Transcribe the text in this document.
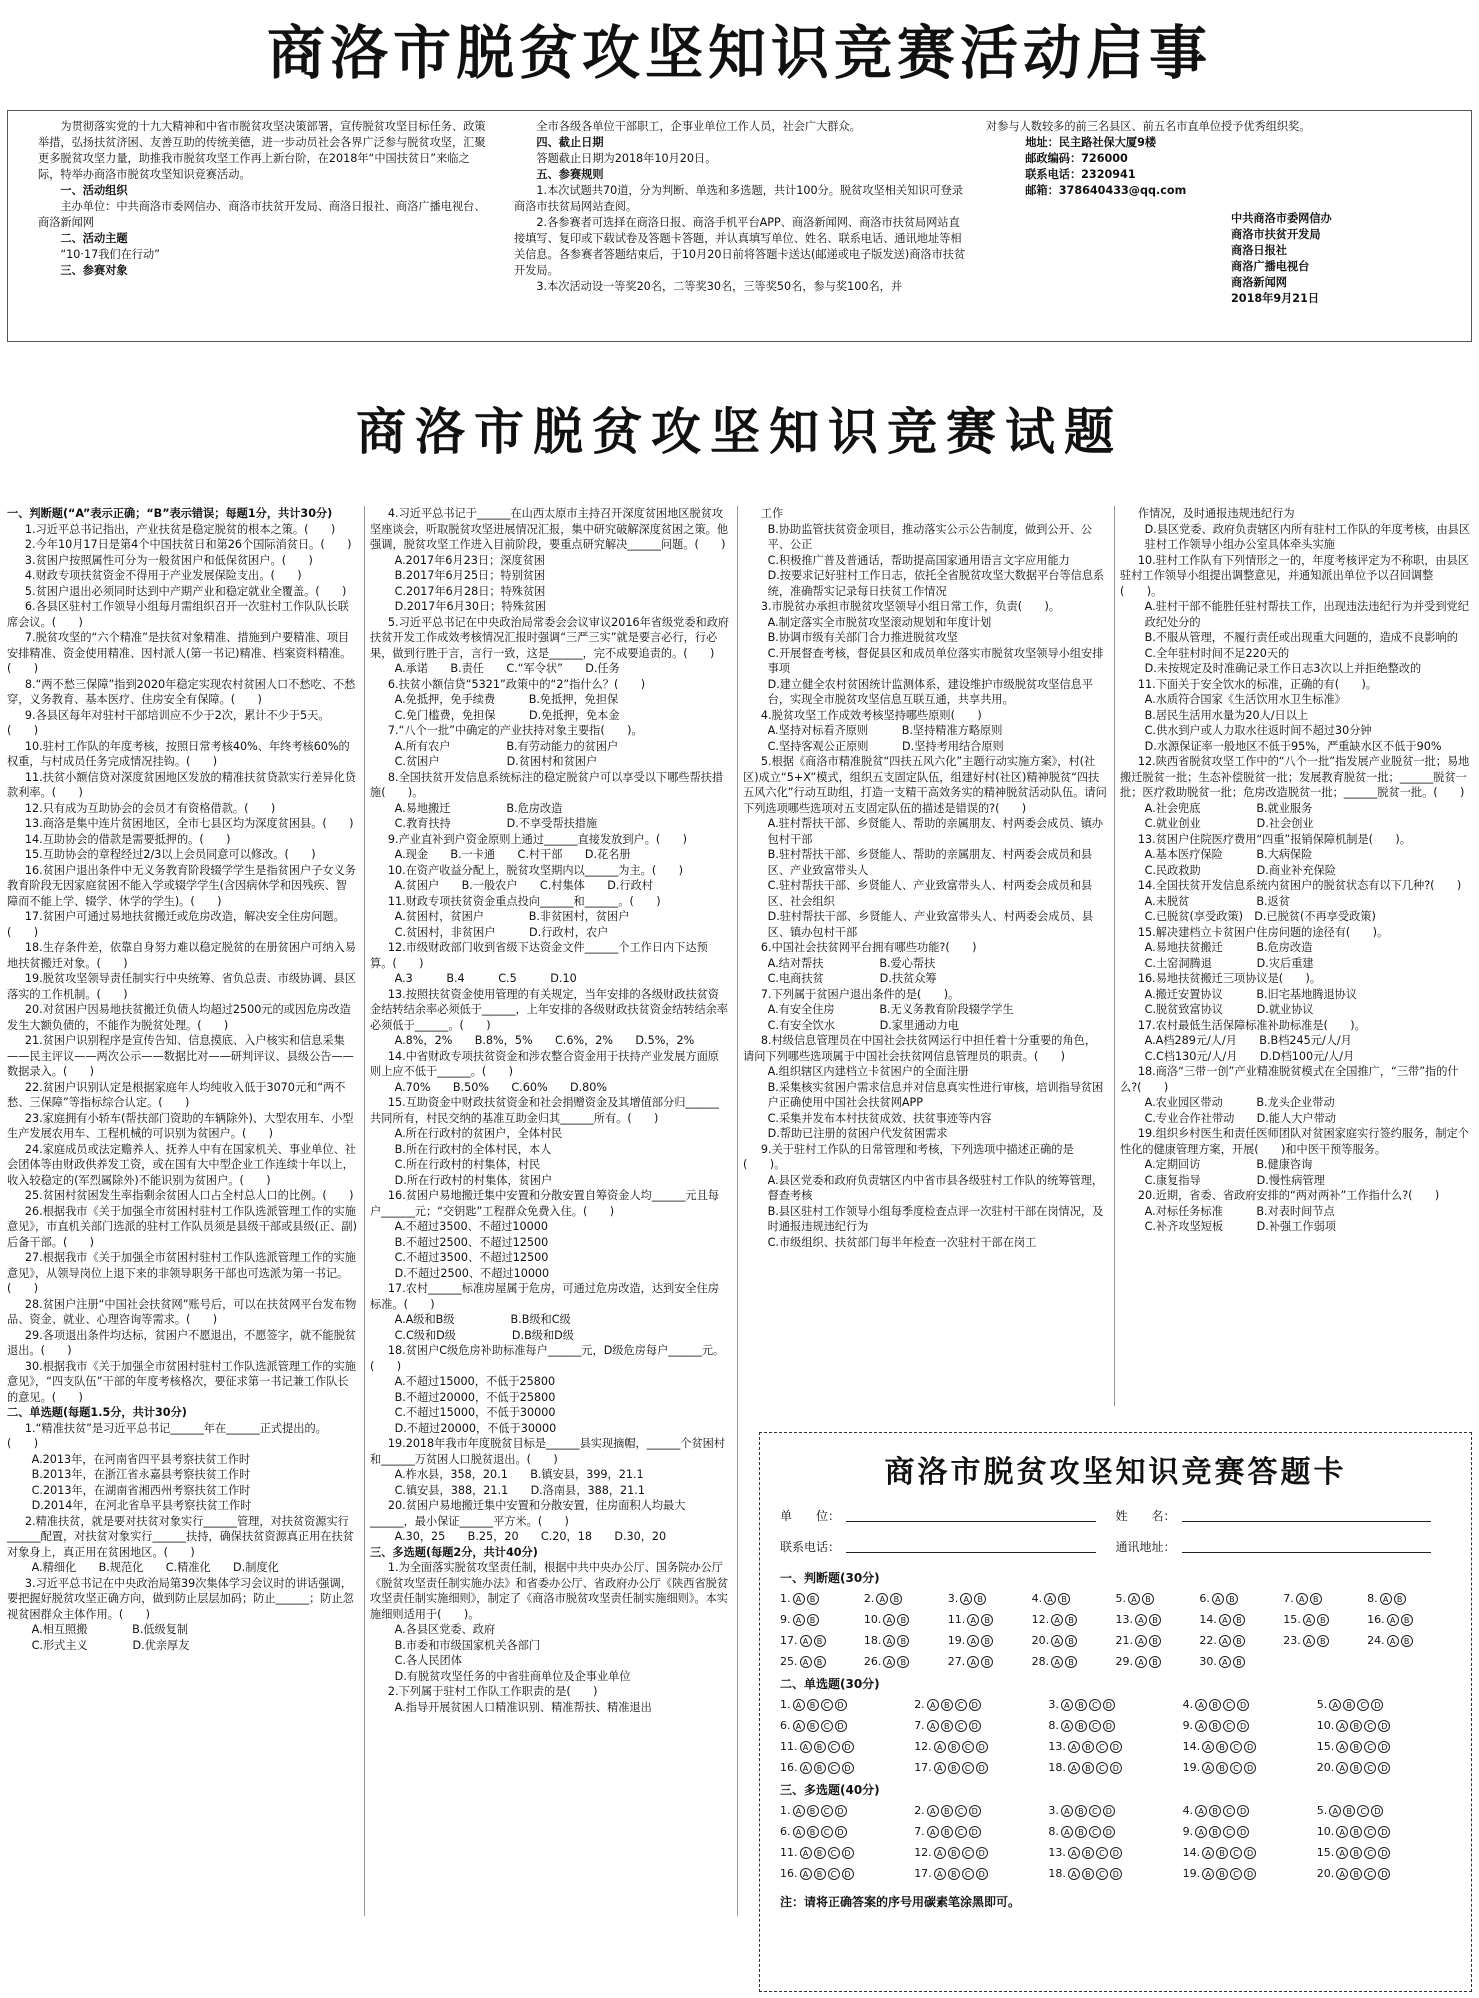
商洛市脱贫攻坚知识竞赛活动启事

为贯彻落实党的十九大精神和中省市脱贫攻坚决策部署，宣传脱贫攻坚目标任务、政策举措，弘扬扶贫济困、友善互助的传统美德，进一步动员社会各界广泛参与脱贫攻坚，汇聚更多脱贫攻坚力量，助推我市脱贫攻坚工作再上新台阶，在2018年“中国扶贫日”来临之际，特举办商洛市脱贫攻坚知识竞赛活动。

一、活动组织

主办单位：中共商洛市委网信办、商洛市扶贫开发局、商洛日报社、商洛广播电视台、商洛新闻网

二、活动主题

“10·17我们在行动”

三、参赛对象

全市各级各单位干部职工，企事业单位工作人员，社会广大群众。

四、截止日期

答题截止日期为2018年10月20日。

五、参赛规则

1.本次试题共70道，分为判断、单选和多选题，共计100分。脱贫攻坚相关知识可登录商洛市扶贫局网站查阅。

2.各参赛者可选择在商洛日报、商洛手机平台APP、商洛新闻网、商洛市扶贫局网站直接填写、复印或下载试卷及答题卡答题，并认真填写单位、姓名、联系电话、通讯地址等相关信息。各参赛者答题结束后，于10月20日前将答题卡送达(邮递或电子版发送)商洛市扶贫开发局。

3.本次活动设一等奖20名，二等奖30名，三等奖50名，参与奖100名，并

对参与人数较多的前三名县区、前五名市直单位授予优秀组织奖。

地址：民主路社保大厦9楼

邮政编码：726000

联系电话：2320941

邮箱：378640433@qq.com

中共商洛市委网信办

商洛市扶贫开发局

商洛日报社

商洛广播电视台

商洛新闻网

2018年9月21日

商洛市脱贫攻坚知识竞赛试题

一、判断题(“A”表示正确；“B”表示错误；每题1分，共计30分)

1.习近平总书记指出，产业扶贫是稳定脱贫的根本之策。(　　)

2.今年10月17日是第4个中国扶贫日和第26个国际消贫日。(　　)

3.贫困户按照属性可分为一般贫困户和低保贫困户。(　　)

4.财政专项扶贫资金不得用于产业发展保险支出。(　　)

5.贫困户退出必须同时达到中产期产业和稳定就业全覆盖。(　　)

6.各县区驻村工作领导小组每月需组织召开一次驻村工作队队长联席会议。(　　)

7.脱贫攻坚的“六个精准”是扶贫对象精准、措施到户要精准、项目安排精准、资金使用精准、因村派人(第一书记)精准、档案资料精准。(　　)

8.“两不愁三保障”指到2020年稳定实现农村贫困人口不愁吃、不愁穿，义务教育、基本医疗、住房安全有保障。(　　)

9.各县区每年对驻村干部培训应不少于2次，累计不少于5天。(　　)

10.驻村工作队的年度考核，按照日常考核40%、年终考核60%的权重，与村成员任务完成情况挂钩。(　　)

11.扶贫小额信贷对深度贫困地区发放的精准扶贫贷款实行差异化贷款利率。(　　)

12.只有成为互助协会的会员才有资格借款。(　　)

13.商洛是集中连片贫困地区，全市七县区均为深度贫困县。(　　)

14.互助协会的借款是需要抵押的。(　　)

15.互助协会的章程经过2/3以上会员同意可以修改。(　　)

16.贫困户退出条件中无义务教育阶段辍学学生是指贫困户子女义务教育阶段无因家庭贫困不能入学或辍学学生(含因病休学和因残疾、智障而不能上学、辍学、休学的学生)。(　　)

17.贫困户可通过易地扶贫搬迁或危房改造，解决安全住房问题。(　　)

18.生存条件差，依靠自身努力难以稳定脱贫的在册贫困户可纳入易地扶贫搬迁对象。(　　)

19.脱贫攻坚领导责任制实行中央统筹、省负总责、市级协调、县区落实的工作机制。(　　)

20.对贫困户因易地扶贫搬迁负债人均超过2500元的或因危房改造发生大额负债的，不能作为脱贫处理。(　　)

21.贫困户识别程序是宣传告知、信息摸底、入户核实和信息采集——民主评议——两次公示——数据比对——研判评议、县级公告——数据录入。(　　)

22.贫困户识别认定是根据家庭年人均纯收入低于3070元和“两不愁、三保障”等指标综合认定。(　　)

23.家庭拥有小轿车(帮扶部门资助的车辆除外)、大型农用车、小型生产发展农用车、工程机械的可识别为贫困户。(　　)

24.家庭成员或法定赡养人、抚养人中有在国家机关、事业单位、社会团体等由财政供养发工资，或在国有大中型企业工作连续十年以上，收入较稳定的(军烈属除外)不能识别为贫困户。(　　)

25.贫困村贫困发生率指剩余贫困人口占全村总人口的比例。(　　)

26.根据我市《关于加强全市贫困村驻村工作队选派管理工作的实施意见》，市直机关部门选派的驻村工作队员须是县级干部或县级(正、副)后备干部。(　　)

27.根据我市《关于加强全市贫困村驻村工作队选派管理工作的实施意见》，从领导岗位上退下来的非领导职务干部也可选派为第一书记。(　　)

28.贫困户注册“中国社会扶贫网”账号后，可以在扶贫网平台发布物品、资金、就业、心理咨询等需求。(　　)

29.各项退出条件均达标，贫困户不愿退出，不愿签字，就不能脱贫退出。(　　)

30.根据我市《关于加强全市贫困村驻村工作队选派管理工作的实施意见》，“四支队伍”干部的年度考核格次，要征求第一书记兼工作队长的意见。(　　)

二、单选题(每题1.5分，共计30分)

1.“精准扶贫”是习近平总书记______年在______正式提出的。(　　)

A.2013年，在河南省四平县考察扶贫工作时

B.2013年，在浙江省永嘉县考察扶贫工作时

C.2013年，在湖南省湘西州考察扶贫工作时

D.2014年，在河北省阜平县考察扶贫工作时

2.精准扶贫，就是要对扶贫对象实行______管理，对扶贫资源实行______配置，对扶贫对象实行______扶持，确保扶贫资源真正用在扶贫对象身上，真正用在贫困地区。(　　)

A.精细化　　B.规范化　　C.精准化　　D.制度化

3.习近平总书记在中央政治局第39次集体学习会议时的讲话强调，要把握好脱贫攻坚正确方向，做到防止层层加码；防止______；防止忽视贫困群众主体作用。(　　)

A.相互照搬　　　　B.低级复制

C.形式主义　　　　D.优亲厚友

4.习近平总书记于______在山西太原市主持召开深度贫困地区脱贫攻坚座谈会，听取脱贫攻坚进展情况汇报，集中研究破解深度贫困之策。他强调，脱贫攻坚工作进入目前阶段，要重点研究解决______问题。(　　)

A.2017年6月23日；深度贫困

B.2017年6月25日；特别贫困

C.2017年6月28日；特殊贫困

D.2017年6月30日；特殊贫困

5.习近平总书记在中央政治局常委会会议审议2016年省级党委和政府扶贫开发工作成效考核情况汇报时强调“三严三实”就是要言必行，行必果，做到行胜于言，言行一致，这是______，完不成要追责的。(　　)

A.承诺　　B.责任　　C.“军令状”　　D.任务

6.扶贫小额信贷“5321”政策中的“2”指什么？(　　)

A.免抵押，免手续费　　　B.免抵押，免担保

C.免门槛费，免担保　　　D.免抵押，免本金

7.“八个一批”中确定的产业扶持对象主要指(　　)。

A.所有农户　　　　　B.有劳动能力的贫困户

C.贫困户　　　　　　D.贫困村和贫困户

8.全国扶贫开发信息系统标注的稳定脱贫户可以享受以下哪些帮扶措施(　　)。

A.易地搬迁　　　　　B.危房改造

C.教育扶持　　　　　D.不享受帮扶措施

9.产业直补到户资金原则上通过______直接发放到户。(　　)

A.现金　　B.一卡通　　C.村干部　　D.花名册

10.在资产收益分配上，脱贫攻坚期内以______为主。(　　)

A.贫困户　　B.一般农户　　C.村集体　　D.行政村

11.财政专项扶贫资金重点投向______和______。(　　)

A.贫困村，贫困户　　　　B.非贫困村，贫困户

C.贫困村，非贫困户　　　D.行政村，农户

12.市级财政部门收到省级下达资金文件______个工作日内下达预算。(　　)

A.3　　　B.4　　　C.5　　　D.10

13.按照扶贫资金使用管理的有关规定，当年安排的各级财政扶贫资金结转结余率必须低于______，上年安排的各级财政扶贫资金结转结余率必须低于______。(　　)

A.8%，2%　　B.8%，5%　　C.6%，2%　　D.5%，2%

14.中省财政专项扶贫资金和涉农整合资金用于扶持产业发展方面原则上应不低于______。(　　)

A.70%　　B.50%　　C.60%　　D.80%

15.互助资金中财政扶贫资金和社会捐赠资金及其增值部分归______共同所有，村民交纳的基准互助金归其______所有。(　　)

A.所在行政村的贫困户，全体村民

B.所在行政村的全体村民，本人

C.所在行政村的村集体，村民

D.所在行政村的村集体，贫困户

16.贫困户易地搬迁集中安置和分散安置自筹资金人均______元且每户______元；“交钥匙”工程群众免费入住。(　　)

A.不超过3500、不超过10000

B.不超过2500、不超过12500

C.不超过3500、不超过12500

D.不超过2500、不超过10000

17.农村______标准房屋属于危房，可通过危房改造，达到安全住房标准。(　　)

A.A级和B级　　　　　B.B级和C级

C.C级和D级　　　　　D.B级和D级

18.贫困户C级危房补助标准每户______元，D级危房每户______元。(　　)

A.不超过15000，不低于25800

B.不超过20000，不低于25800

C.不超过15000，不低于30000

D.不超过20000，不低于30000

19.2018年我市年度脱贫目标是______县实现摘帽，______个贫困村和______万贫困人口脱贫退出。(　　)

A.柞水县，358，20.1　　B.镇安县，399，21.1

C.镇安县，388，21.1　　D.洛南县，388，21.1

20.贫困户易地搬迁集中安置和分散安置，住房面积人均最大______，最小保证______平方米。(　　)

A.30，25　　B.25，20　　C.20，18　　D.30，20

三、多选题(每题2分，共计40分)

1.为全面落实脱贫攻坚责任制，根据中共中央办公厅、国务院办公厅《脱贫攻坚责任制实施办法》和省委办公厅、省政府办公厅《陕西省脱贫攻坚责任制实施细则》，制定了《商洛市脱贫攻坚责任制实施细则》。本实施细则适用于(　　)。

A.各县区党委、政府

B.市委和市级国家机关各部门

C.各人民团体

D.有脱贫攻坚任务的中省驻商单位及企事业单位

2.下列属于驻村工作队工作职责的是(　　)

A.指导开展贫困人口精准识别、精准帮扶、精准退出

工作

B.协助监管扶贫资金项目，推动落实公示公告制度，做到公开、公平、公正

C.积极推广普及普通话，帮助提高国家通用语言文字应用能力

D.按要求记好驻村工作日志，依托全省脱贫攻坚大数据平台等信息系统，准确帮实记录每日扶贫工作情况

3.市脱贫办承担市脱贫攻坚领导小组日常工作，负责(　　)。

A.制定落实全市脱贫攻坚滚动规划和年度计划

B.协调市级有关部门合力推进脱贫攻坚

C.开展督查考核，督促县区和成员单位落实市脱贫攻坚领导小组安排事项

D.建立健全农村贫困统计监测体系，建设维护市级脱贫攻坚信息平台，实现全市脱贫攻坚信息互联互通，共享共用。

4.脱贫攻坚工作成效考核坚持哪些原则(　　)

A.坚持对标看齐原则　　　B.坚持精准方略原则

C.坚持客观公正原则　　　D.坚持考用结合原则

5.根据《商洛市精准脱贫“四扶五风六化”主题行动实施方案》，村(社区)成立“5+X”模式，组织五支固定队伍，组建好村(社区)精神脱贫“四扶五风六化”行动互助组，打造一支精干高效务实的精神脱贫活动队伍。请问下列选项哪些选项对五支固定队伍的描述是错误的?(　　)

A.驻村帮扶干部、乡贤能人、帮助的亲属朋友、村两委会成员、镇办包村干部

B.驻村帮扶干部、乡贤能人、帮助的亲属朋友、村两委会成员和县区、产业致富带头人

C.驻村帮扶干部、乡贤能人、产业致富带头人、村两委会成员和县区、社会组织

D.驻村帮扶干部、乡贤能人、产业致富带头人、村两委会成员、县区、镇办包村干部

6.中国社会扶贫网平台拥有哪些功能?(　　)

A.结对帮扶　　　　　B.爱心帮扶

C.电商扶贫　　　　　D.扶贫众筹

7.下列属于贫困户退出条件的是(　　)。

A.有安全住房　　　　B.无义务教育阶段辍学学生

C.有安全饮水　　　　D.家里通动力电

8.村级信息管理员在中国社会扶贫网运行中担任着十分重要的角色，请问下列哪些选项属于中国社会扶贫网信息管理员的职责。(　　)

A.组织辖区内建档立卡贫困户的全面注册

B.采集核实贫困户需求信息并对信息真实性进行审核，培训指导贫困户正确使用中国社会扶贫网APP

C.采集并发布本村扶贫成效、扶贫事迹等内容

D.帮助已注册的贫困户代发贫困需求

9.关于驻村工作队的日常管理和考核，下列选项中描述正确的是(　　)。

A.县区党委和政府负责辖区内中省市县各级驻村工作队的统筹管理，督查考核

B.县区驻村工作领导小组每季度检查点评一次驻村干部在岗情况，及时通报违规违纪行为

C.市级组织、扶贫部门每半年检查一次驻村干部在岗工

作情况，及时通报违规违纪行为

D.县区党委、政府负责辖区内所有驻村工作队的年度考核，由县区驻村工作领导小组办公室具体牵头实施

10.驻村工作队有下列情形之一的，年度考核评定为不称职，由县区驻村工作领导小组提出调整意见，并通知派出单位予以召回调整(　　)。

A.驻村干部不能胜任驻村帮扶工作，出现违法违纪行为并受到党纪政纪处分的

B.不服从管理，不履行责任或出现重大问题的，造成不良影响的

C.全年驻村时间不足220天的

D.未按规定及时准确记录工作日志3次以上并拒绝整改的

11.下面关于安全饮水的标准，正确的有(　　)。

A.水质符合国家《生活饮用水卫生标准》

B.居民生活用水量为20人/日以上

C.供水到户或人力取水往返时间不超过30分钟

D.水源保证率一般地区不低于95%，严重缺水区不低于90%

12.陕西省脱贫攻坚工作中的“八个一批”指发展产业脱贫一批；易地搬迁脱贫一批；生态补偿脱贫一批；发展教育脱贫一批；______脱贫一批；医疗救助脱贫一批；危房改造脱贫一批；______脱贫一批。(　　)

A.社会兜底　　　　　B.就业服务

C.就业创业　　　　　D.社会创业

13.贫困户住院医疗费用“四重”报销保障机制是(　　)。

A.基本医疗保险　　　B.大病保险

C.民政救助　　　　　D.商业补充保险

14.全国扶贫开发信息系统内贫困户的脱贫状态有以下几种?(　　)

A.未脱贫　　　　　　B.返贫

C.已脱贫(享受政策)　D.已脱贫(不再享受政策)

15.解决建档立卡贫困户住房问题的途径有(　　)。

A.易地扶贫搬迁　　　B.危房改造

C.土窑洞腾退　　　　D.灾后重建

16.易地扶贫搬迁三项协议是(　　)。

A.搬迁安置协议　　　B.旧宅基地腾退协议

C.脱贫致富协议　　　D.就业协议

17.农村最低生活保障标准补助标准是(　　)。

A.A档289元/人/月　　B.B档245元/人/月

C.C档130元/人/月　　D.D档100元/人/月

18.商洛“三带一创”产业精准脱贫模式在全国推广，“三带”指的什么?(　　)

A.农业园区带动　　　B.龙头企业带动

C.专业合作社带动　　D.能人大户带动

19.组织乡村医生和责任医师团队对贫困家庭实行签约服务，制定个性化的健康管理方案，开展(　　)和中医干预等服务。

A.定期回访　　　　　B.健康咨询

C.康复指导　　　　　D.慢性病管理

20.近期，省委、省政府安排的“两对两补”工作指什么?(　　)

A.对标任务标准　　　B.对表时间节点

C.补齐攻坚短板　　　D.补强工作弱项

商洛市脱贫攻坚知识竞赛答题卡
单　　位：	姓　　名：
联系电话：	通讯地址：
一、判断题(30分)
1. A B	2. A B	3. A B	4. A B	5. A B	6. A B	7. A B	8. A B
9. A B	10. A B	11. A B	12. A B	13. A B	14. A B	15. A B	16. A B
17. A B	18. A B	19. A B	20. A B	21. A B	22. A B	23. A B	24. A B
25. A B	26. A B	27. A B	28. A B	29. A B	30. A B
二、单选题(30分)
1. A B C D	2. A B C D	3. A B C D	4. A B C D	5. A B C D
6. A B C D	7. A B C D	8. A B C D	9. A B C D	10. A B C D
11. A B C D	12. A B C D	13. A B C D	14. A B C D	15. A B C D
16. A B C D	17. A B C D	18. A B C D	19. A B C D	20. A B C D
三、多选题(40分)
1. A B C D	2. A B C D	3. A B C D	4. A B C D	5. A B C D
6. A B C D	7. A B C D	8. A B C D	9. A B C D	10. A B C D
11. A B C D	12. A B C D	13. A B C D	14. A B C D	15. A B C D
16. A B C D	17. A B C D	18. A B C D	19. A B C D	20. A B C D
注：请将正确答案的序号用碳素笔涂黑即可。
